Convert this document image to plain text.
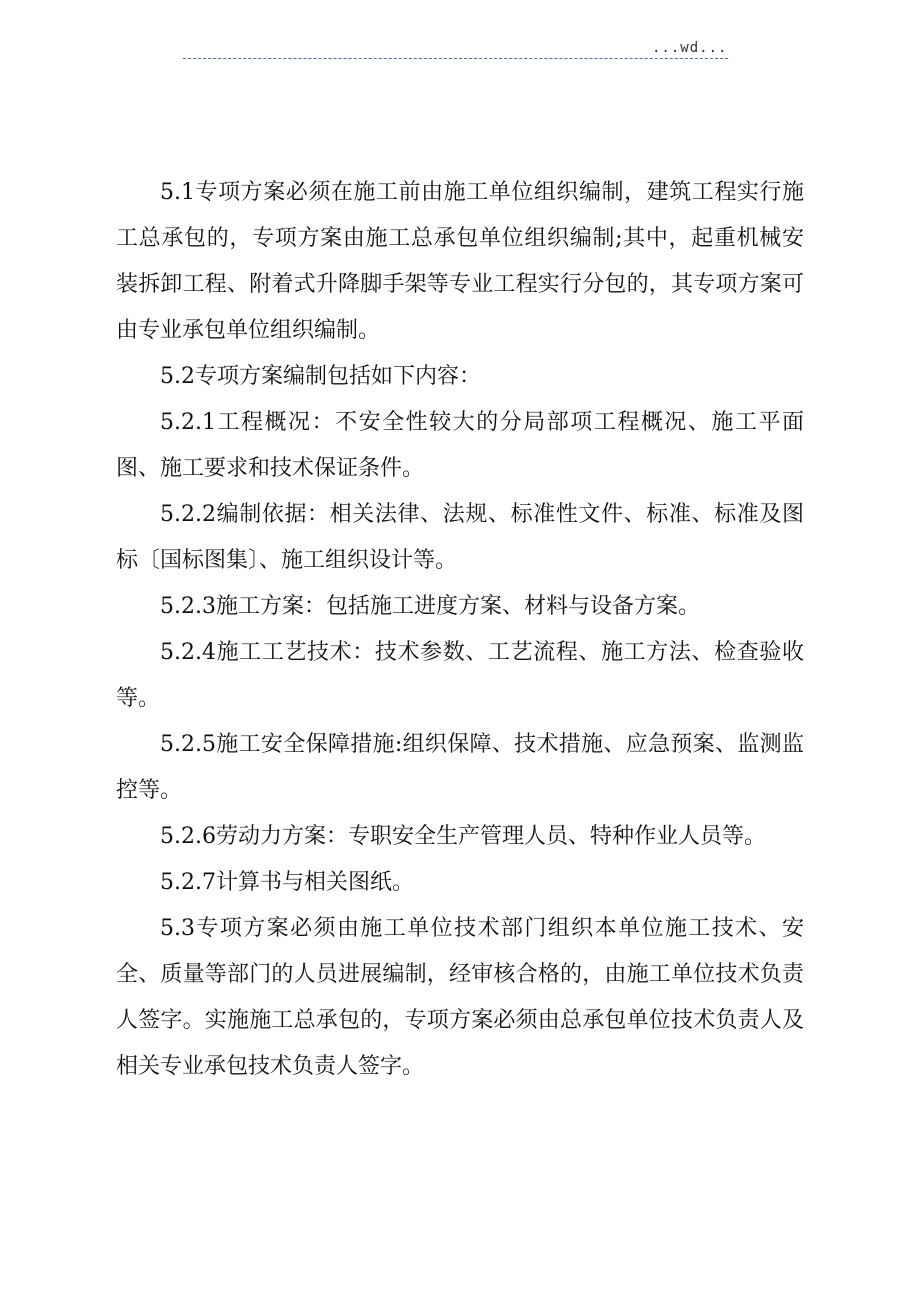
...wd...

5.1专项方案必须在施工前由施工单位组织编制，建筑工程实行施工总承包的，专项方案由施工总承包单位组织编制;其中，起重机械安装拆卸工程、附着式升降脚手架等专业工程实行分包的，其专项方案可由专业承包单位组织编制。

5.2专项方案编制包括如下内容：

5.2.1工程概况：不安全性较大的分局部项工程概况、施工平面图、施工要求和技术保证条件。

5.2.2编制依据：相关法律、法规、标准性文件、标准、标准及图标〔国标图集〕、施工组织设计等。

5.2.3施工方案：包括施工进度方案、材料与设备方案。

5.2.4施工工艺技术：技术参数、工艺流程、施工方法、检查验收等。

5.2.5施工安全保障措施:组织保障、技术措施、应急预案、监测监控等。

5.2.6劳动力方案：专职安全生产管理人员、特种作业人员等。

5.2.7计算书与相关图纸。

5.3专项方案必须由施工单位技术部门组织本单位施工技术、安全、质量等部门的人员进展编制，经审核合格的，由施工单位技术负责人签字。实施施工总承包的，专项方案必须由总承包单位技术负责人及相关专业承包技术负责人签字。
